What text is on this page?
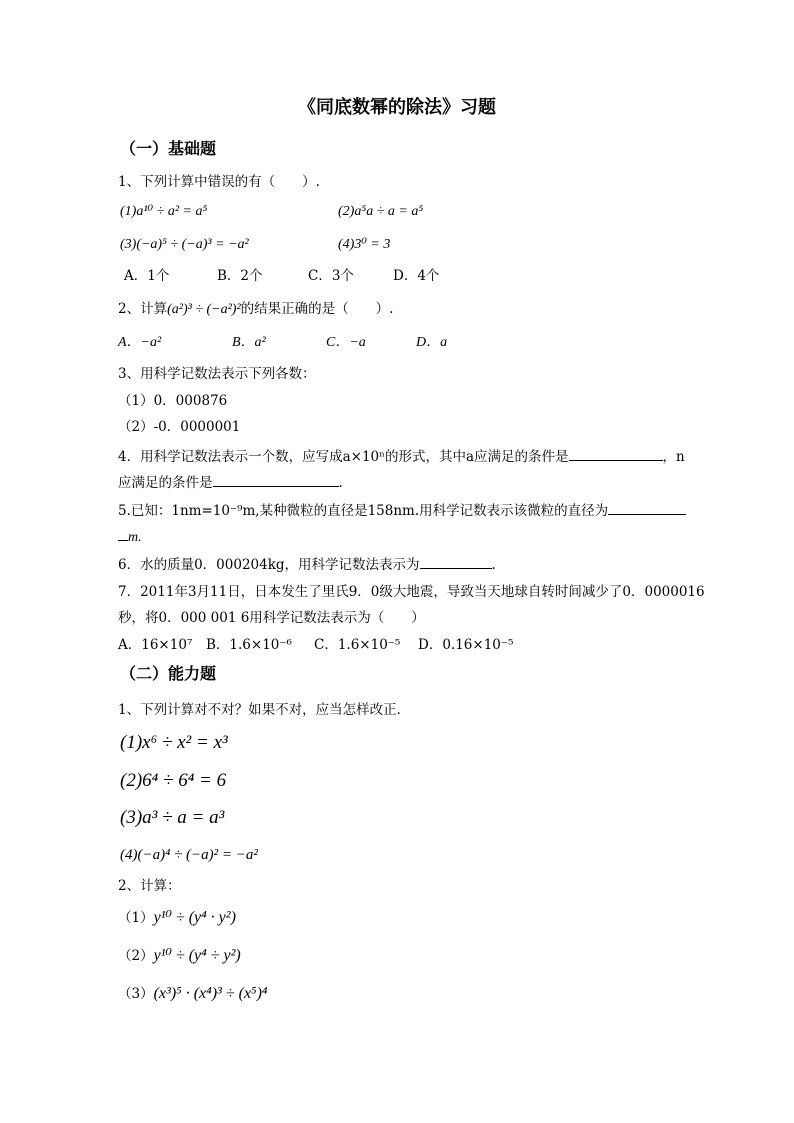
《同底数幂的除法》习题
（一）基础题
1、下列计算中错误的有（　　）.
(1)a¹⁰ ÷ a² = a⁵	(2)a⁵a ÷ a = a⁵
(3)(−a)⁵ ÷ (−a)³ = −a²	(4)3⁰ = 3
A．1个	B．2个	C．3个	D．4个
2、计算(a²)³ ÷ (−a²)²的结果正确的是（　　）.
A．−a²	B．a²	C．−a	D．a
3、用科学记数法表示下列各数：
（1）0．000876
（2）-0．0000001
4．用科学记数法表示一个数，应写成a×10ⁿ的形式，其中a应满足的条件是	，n
应满足的条件是	.
5.已知：1nm=10⁻⁹m,某种微粒的直径是158nm.用科学记数表示该微粒的直径为
m.
6．水的质量0．000204kg，用科学记数法表示为	.
7．2011年3月11日，日本发生了里氏9．0级大地震，导致当天地球自转时间减少了0．0000016
秒，将0．000 001 6用科学记数法表示为（　　）
A．16×10⁷ B．1.6×10⁻⁶ C．1.6×10⁻⁵ D．0.16×10⁻⁵
（二）能力题
1、下列计算对不对？如果不对，应当怎样改正．
(1)x⁶ ÷ x² = x³
(2)6⁴ ÷ 6⁴ = 6
(3)a³ ÷ a = a³
(4)(−a)⁴ ÷ (−a)² = −a²
2、计算：
（1）y¹⁰ ÷ (y⁴ · y²)
（2）y¹⁰ ÷ (y⁴ ÷ y²)
（3）(x³)⁵ · (x⁴)³ ÷ (x⁵)⁴
